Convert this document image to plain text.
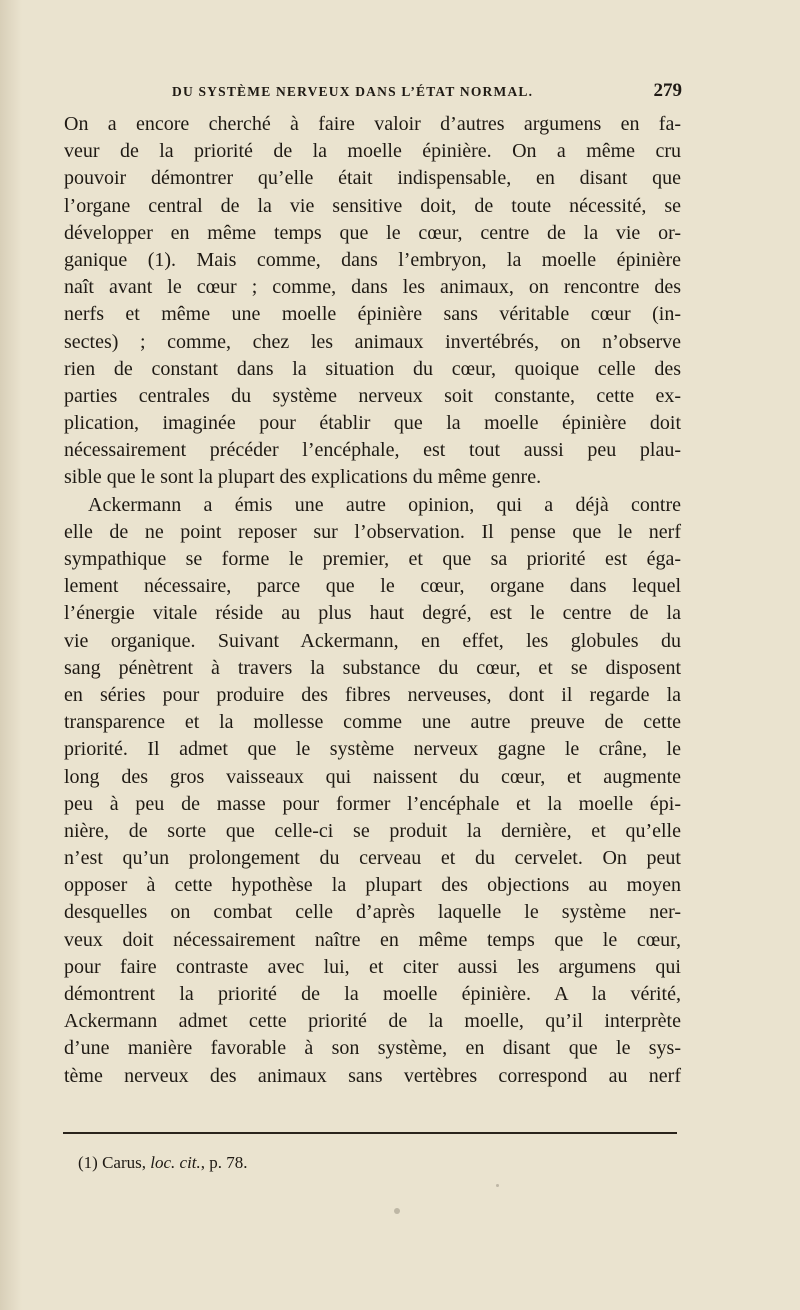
DU SYSTÈME NERVEUX DANS L’ÉTAT NORMAL.	279

On a encore cherché à faire valoir d’autres argumens en fa-

veur de la priorité de la moelle épinière. On a même cru

pouvoir démontrer qu’elle était indispensable, en disant que

l’organe central de la vie sensitive doit, de toute nécessité, se

développer en même temps que le cœur, centre de la vie or-

ganique (1). Mais comme, dans l’embryon, la moelle épinière

naît avant le cœur ; comme, dans les animaux, on rencontre des

nerfs et même une moelle épinière sans véritable cœur (in-

sectes) ; comme, chez les animaux invertébrés, on n’observe

rien de constant dans la situation du cœur, quoique celle des

parties centrales du système nerveux soit constante, cette ex-

plication, imaginée pour établir que la moelle épinière doit

nécessairement précéder l’encéphale, est tout aussi peu plau-

sible que le sont la plupart des explications du même genre.

Ackermann a émis une autre opinion, qui a déjà contre

elle de ne point reposer sur l’observation. Il pense que le nerf

sympathique se forme le premier, et que sa priorité est éga-

lement nécessaire, parce que le cœur, organe dans lequel

l’énergie vitale réside au plus haut degré, est le centre de la

vie organique. Suivant Ackermann, en effet, les globules du

sang pénètrent à travers la substance du cœur, et se disposent

en séries pour produire des fibres nerveuses, dont il regarde la

transparence et la mollesse comme une autre preuve de cette

priorité. Il admet que le système nerveux gagne le crâne, le

long des gros vaisseaux qui naissent du cœur, et augmente

peu à peu de masse pour former l’encéphale et la moelle épi-

nière, de sorte que celle-ci se produit la dernière, et qu’elle

n’est qu’un prolongement du cerveau et du cervelet. On peut

opposer à cette hypothèse la plupart des objections au moyen

desquelles on combat celle d’après laquelle le système ner-

veux doit nécessairement naître en même temps que le cœur,

pour faire contraste avec lui, et citer aussi les argumens qui

démontrent la priorité de la moelle épinière. A la vérité,

Ackermann admet cette priorité de la moelle, qu’il interprète

d’une manière favorable à son système, en disant que le sys-

tème nerveux des animaux sans vertèbres correspond au nerf

(1) Carus, loc. cit., p. 78.
